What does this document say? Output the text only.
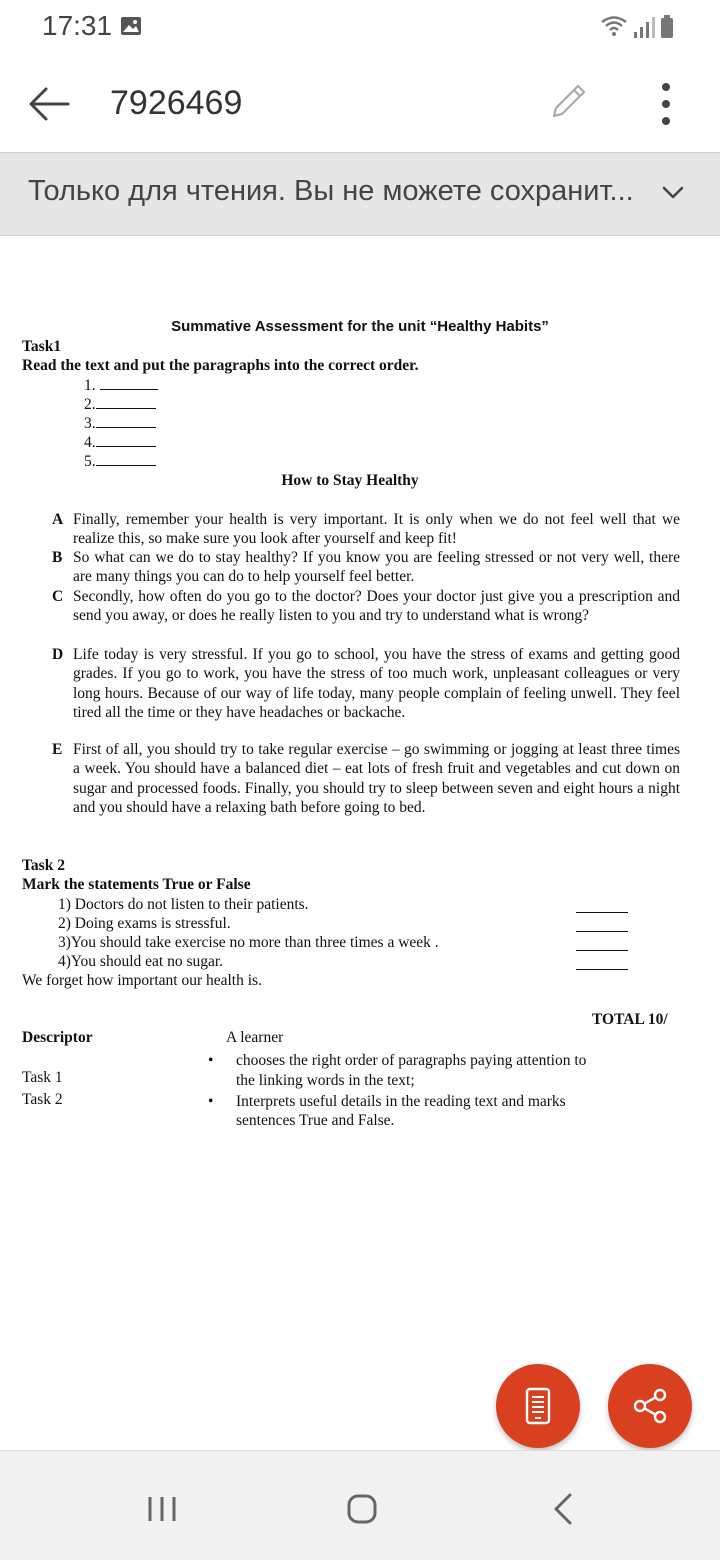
17:31
7926469
Только для чтения. Вы не можете сохранит...
Summative Assessment for the unit “Healthy Habits”
Task1
Read the text and put the paragraphs into the correct order.
1.
2.
3.
4.
5.
How to Stay Healthy
A Finally, remember your health is very important. It is only when we do not feel well that we realize this, so make sure you look after yourself and keep fit!
B So what can we do to stay healthy? If you know you are feeling stressed or not very well, there are many things you can do to help yourself feel better.
C Secondly, how often do you go to the doctor? Does your doctor just give you a prescription and send you away, or does he really listen to you and try to understand what is wrong?
D Life today is very stressful. If you go to school, you have the stress of exams and getting good grades. If you go to work, you have the stress of too much work, unpleasant colleagues or very long hours. Because of our way of life today, many people complain of feeling unwell. They feel tired all the time or they have headaches or backache.
E First of all, you should try to take regular exercise – go swimming or jogging at least three times a week. You should have a balanced diet – eat lots of fresh fruit and vegetables and cut down on sugar and processed foods. Finally, you should try to sleep between seven and eight hours a night and you should have a relaxing bath before going to bed.
Task 2
Mark the statements True or False
1) Doctors do not listen to their patients.
2) Doing exams is stressful.
3)You should take exercise no more than three times a week .
4)You should eat no sugar.
We forget how important our health is.
TOTAL 10/
Descriptor	A learner
Task 1
Task 2
• chooses the right order of paragraphs paying attention to
the linking words in the text;
• Interprets useful details in the reading text and marks
sentences True and False.
